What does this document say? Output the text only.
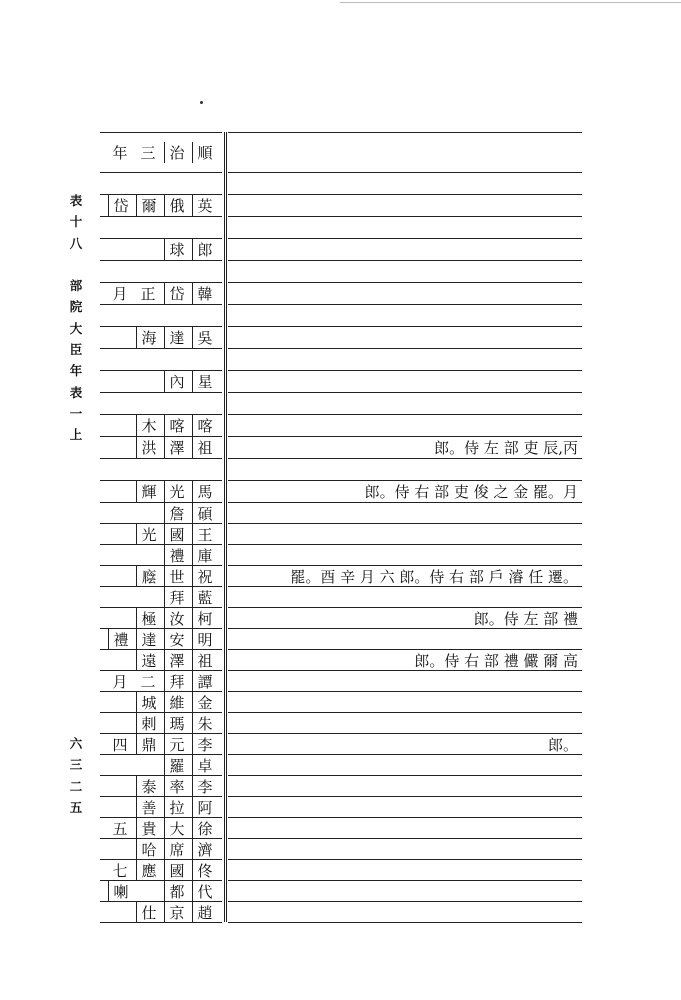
表
十
八

部
院
大
臣
年
表
一
上
六
三
二
五
年 三 治 順
岱 爾 俄 英
球 郎
月 正 岱 韓
海 達 吳
內 星
木 喀 喀
洪 澤 祖
輝 光 馬
詹 碩
光 國 王
禮 庫
廕 世 祝
拜 藍
極 汝 柯
禮 達 安 明
遠 澤 祖
月 二 拜 譚
城 維 金
剌 瑪 朱
四 鼎 元 李
羅 卓
泰 率 李
善 拉 阿
五 貴 大 徐
哈 席 濟
七 應 國 佟
喇	都 代
仕 京 趙
郎。侍 左 部 吏 辰,丙
郎。侍 右 部 吏 俊 之 金 罷。月
罷。酉 辛 月 六 郎。侍 右 部 戶 濬 任 遷。
郎。侍 左 部 禮
郎。侍 右 部 禮 儼 爾 高
郎。
